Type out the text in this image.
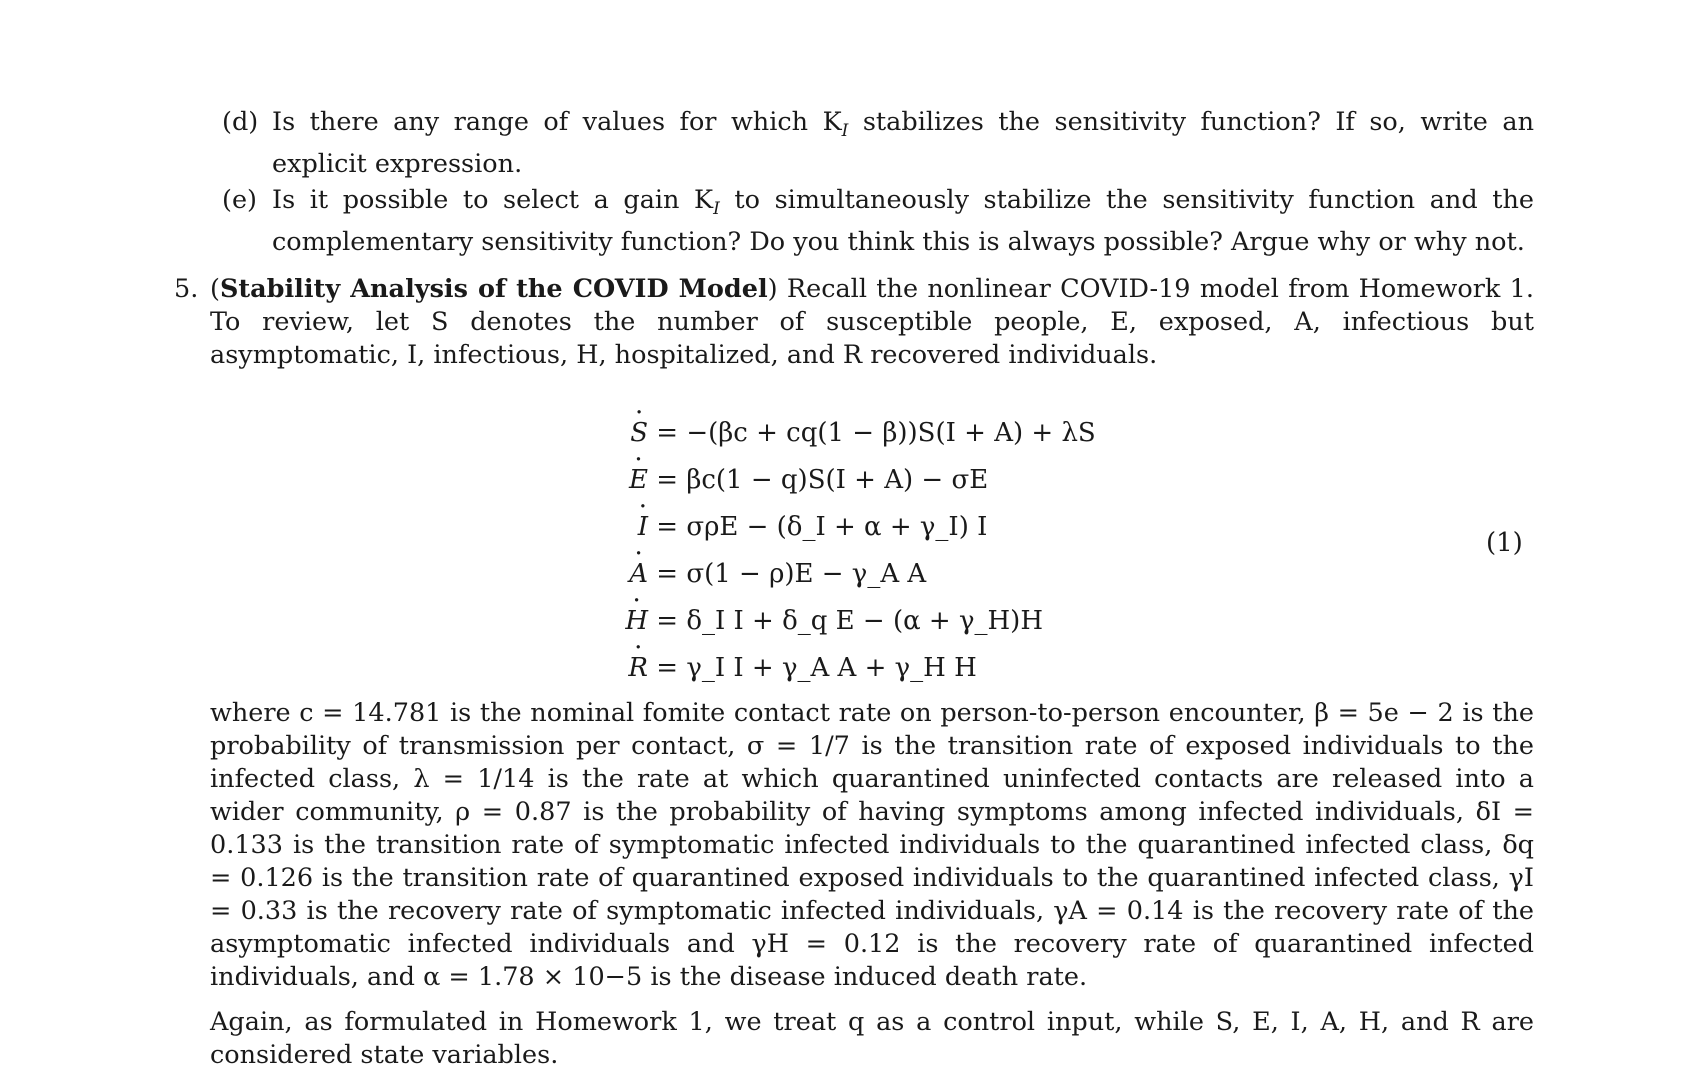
(d) Is there any range of values for which $K_I$ stabilizes the sensitivity function? If so, write an explicit expression.
(e) Is it possible to select a gain $K_I$ to simultaneously stabilize the sensitivity function and the complementary sensitivity function? Do you think this is always possible? Argue why or why not.
5. (Stability Analysis of the COVID Model) Recall the nonlinear COVID-19 model from Homework 1. To review, let S denotes the number of susceptible people, E, exposed, A, infectious but asymptomatic, I, infectious, H, hospitalized, and R recovered individuals.
· S = −(βc + cq(1 − β))S(I + A) + λS
· E = βc(1 − q)S(I + A) − σE
· I = σρE − (δ_I + α + γ_I) I
· A = σ(1 − ρ)E − γ_A A
· H = δ_I I + δ_q E − (α + γ_H)H
· R = γ_I I + γ_A A + γ_H H
(1)
where c = 14.781 is the nominal fomite contact rate on person-to-person encounter, β = 5e − 2 is the probability of transmission per contact, σ = 1/7 is the transition rate of exposed individuals to the infected class, λ = 1/14 is the rate at which quarantined uninfected contacts are released into a wider community, ρ = 0.87 is the probability of having symptoms among infected individuals, δI = 0.133 is the transition rate of symptomatic infected individuals to the quarantined infected class, δq = 0.126 is the transition rate of quarantined exposed individuals to the quarantined infected class, γI = 0.33 is the recovery rate of symptomatic infected individuals, γA = 0.14 is the recovery rate of the asymptomatic infected individuals and γH = 0.12 is the recovery rate of quarantined infected individuals, and α = 1.78 × 10−5 is the disease induced death rate.
Again, as formulated in Homework 1, we treat q as a control input, while S, E, I, A, H, and R are considered state variables.
